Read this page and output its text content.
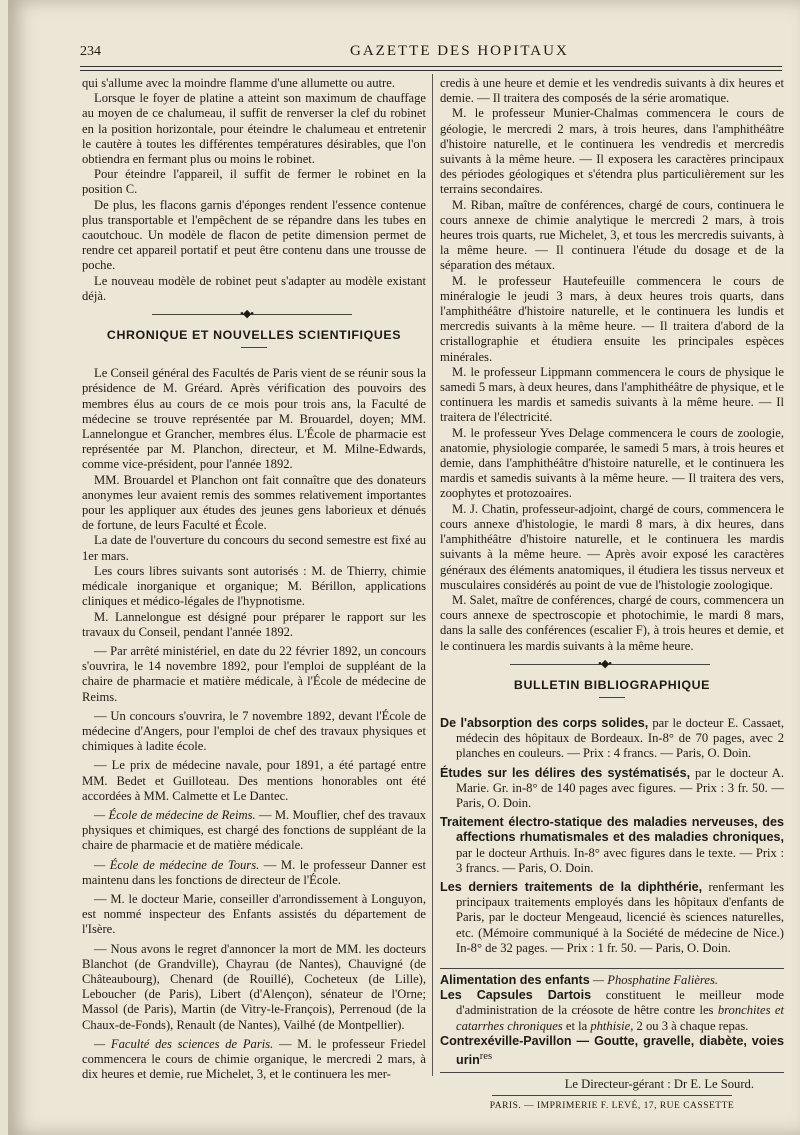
234	GAZETTE DES HOPITAUX

qui s'allume avec la moindre flamme d'une allumette ou autre.

Lorsque le foyer de platine a atteint son maximum de chauffage au moyen de ce chalumeau, il suffit de renverser la clef du robinet en la position horizontale, pour éteindre le chalumeau et entretenir le cautère à toutes les différentes températures désirables, que l'on obtiendra en fermant plus ou moins le robinet.

Pour éteindre l'appareil, il suffit de fermer le robinet en la position C.

De plus, les flacons garnis d'éponges rendent l'essence contenue plus transportable et l'empêchent de se répandre dans les tubes en caoutchouc. Un modèle de flacon de petite dimension permet de rendre cet appareil portatif et peut être contenu dans une trousse de poche.

Le nouveau modèle de robinet peut s'adapter au modèle existant déjà.

•◆•
CHRONIQUE ET NOUVELLES SCIENTIFIQUES

Le Conseil général des Facultés de Paris vient de se réunir sous la présidence de M. Gréard. Après vérification des pouvoirs des membres élus au cours de ce mois pour trois ans, la Faculté de médecine se trouve représentée par M. Brouardel, doyen; MM. Lannelongue et Grancher, membres élus. L'École de pharmacie est représentée par M. Planchon, directeur, et M. Milne-Edwards, comme vice-président, pour l'année 1892.

MM. Brouardel et Planchon ont fait connaître que des donateurs anonymes leur avaient remis des sommes relativement importantes pour les appliquer aux études des jeunes gens laborieux et dénués de fortune, de leurs Faculté et École.

La date de l'ouverture du concours du second semestre est fixé au 1er mars.

Les cours libres suivants sont autorisés : M. de Thierry, chimie médicale inorganique et organique; M. Bérillon, applications cliniques et médico-légales de l'hypnotisme.

M. Lannelongue est désigné pour préparer le rapport sur les travaux du Conseil, pendant l'année 1892.

— Par arrêté ministériel, en date du 22 février 1892, un concours s'ouvrira, le 14 novembre 1892, pour l'emploi de suppléant de la chaire de pharmacie et matière médicale, à l'École de médecine de Reims.

— Un concours s'ouvrira, le 7 novembre 1892, devant l'École de médecine d'Angers, pour l'emploi de chef des travaux physiques et chimiques à ladite école.

— Le prix de médecine navale, pour 1891, a été partagé entre MM. Bedet et Guilloteau. Des mentions honorables ont été accordées à MM. Calmette et Le Dantec.

— École de médecine de Reims. — M. Mouflier, chef des travaux physiques et chimiques, est chargé des fonctions de suppléant de la chaire de pharmacie et de matière médicale.

— École de médecine de Tours. — M. le professeur Danner est maintenu dans les fonctions de directeur de l'École.

— M. le docteur Marie, conseiller d'arrondissement à Longuyon, est nommé inspecteur des Enfants assistés du département de l'Isère.

— Nous avons le regret d'annoncer la mort de MM. les docteurs Blanchot (de Grandville), Chayrau (de Nantes), Chauvigné (de Châteaubourg), Chenard (de Rouillé), Cocheteux (de Lille), Leboucher (de Paris), Libert (d'Alençon), sénateur de l'Orne; Massol (de Paris), Martin (de Vitry-le-François), Perrenoud (de la Chaux-de-Fonds), Renault (de Nantes), Vailhé (de Montpellier).

— Faculté des sciences de Paris. — M. le professeur Friedel commencera le cours de chimie organique, le mercredi 2 mars, à dix heures et demie, rue Michelet, 3, et le continuera les mer-

credis à une heure et demie et les vendredis suivants à dix heures et demie. — Il traitera des composés de la série aromatique.

M. le professeur Munier-Chalmas commencera le cours de géologie, le mercredi 2 mars, à trois heures, dans l'amphithéâtre d'histoire naturelle, et le continuera les vendredis et mercredis suivants à la même heure. — Il exposera les caractères principaux des périodes géologiques et s'étendra plus particulièrement sur les terrains secondaires.

M. Riban, maître de conférences, chargé de cours, continuera le cours annexe de chimie analytique le mercredi 2 mars, à trois heures trois quarts, rue Michelet, 3, et tous les mercredis suivants, à la même heure. — Il continuera l'étude du dosage et de la séparation des métaux.

M. le professeur Hautefeuille commencera le cours de minéralogie le jeudi 3 mars, à deux heures trois quarts, dans l'amphithéâtre d'histoire naturelle, et le continuera les lundis et mercredis suivants à la même heure. — Il traitera d'abord de la cristallographie et étudiera ensuite les principales espèces minérales.

M. le professeur Lippmann commencera le cours de physique le samedi 5 mars, à deux heures, dans l'amphithéâtre de physique, et le continuera les mardis et samedis suivants à la même heure. — Il traitera de l'électricité.

M. le professeur Yves Delage commencera le cours de zoologie, anatomie, physiologie comparée, le samedi 5 mars, à trois heures et demie, dans l'amphithéâtre d'histoire naturelle, et le continuera les mardis et samedis suivants à la même heure. — Il traitera des vers, zoophytes et protozoaires.

M. J. Chatin, professeur-adjoint, chargé de cours, commencera le cours annexe d'histologie, le mardi 8 mars, à dix heures, dans l'amphithéâtre d'histoire naturelle, et le continuera les mardis suivants à la même heure. — Après avoir exposé les caractères généraux des éléments anatomiques, il étudiera les tissus nerveux et musculaires considérés au point de vue de l'histologie zoologique.

M. Salet, maître de conférences, chargé de cours, commencera un cours annexe de spectroscopie et photochimie, le mardi 8 mars, dans la salle des conférences (escalier F), à trois heures et demie, et le continuera les mardis suivants à la même heure.

•◆•
BULLETIN BIBLIOGRAPHIQUE

De l'absorption des corps solides, par le docteur E. Cassaet, médecin des hôpitaux de Bordeaux. In-8° de 70 pages, avec 2 planches en couleurs. — Prix : 4 francs. — Paris, O. Doin.

Études sur les délires des systématisés, par le docteur A. Marie. Gr. in-8° de 140 pages avec figures. — Prix : 3 fr. 50. — Paris, O. Doin.

Traitement électro-statique des maladies nerveuses, des affections rhumatismales et des maladies chroniques, par le docteur Arthuis. In-8° avec figures dans le texte. — Prix : 3 francs. — Paris, O. Doin.

Les derniers traitements de la diphthérie, renfermant les principaux traitements employés dans les hôpitaux d'enfants de Paris, par le docteur Mengeaud, licencié ès sciences naturelles, etc. (Mémoire communiqué à la Société de médecine de Nice.) In-8° de 32 pages. — Prix : 1 fr. 50. — Paris, O. Doin.

Alimentation des enfants — Phosphatine Falières.

Les Capsules Dartois constituent le meilleur mode d'administration de la créosote de hêtre contre les bronchites et catarrhes chroniques et la phthisie, 2 ou 3 à chaque repas.

Contrexéville-Pavillon — Goutte, gravelle, diabète, voies urin$^{res}$

Le Directeur-gérant : Dr E. Le Sourd.
PARIS. — IMPRIMERIE F. LEVÉ, 17, RUE CASSETTE
